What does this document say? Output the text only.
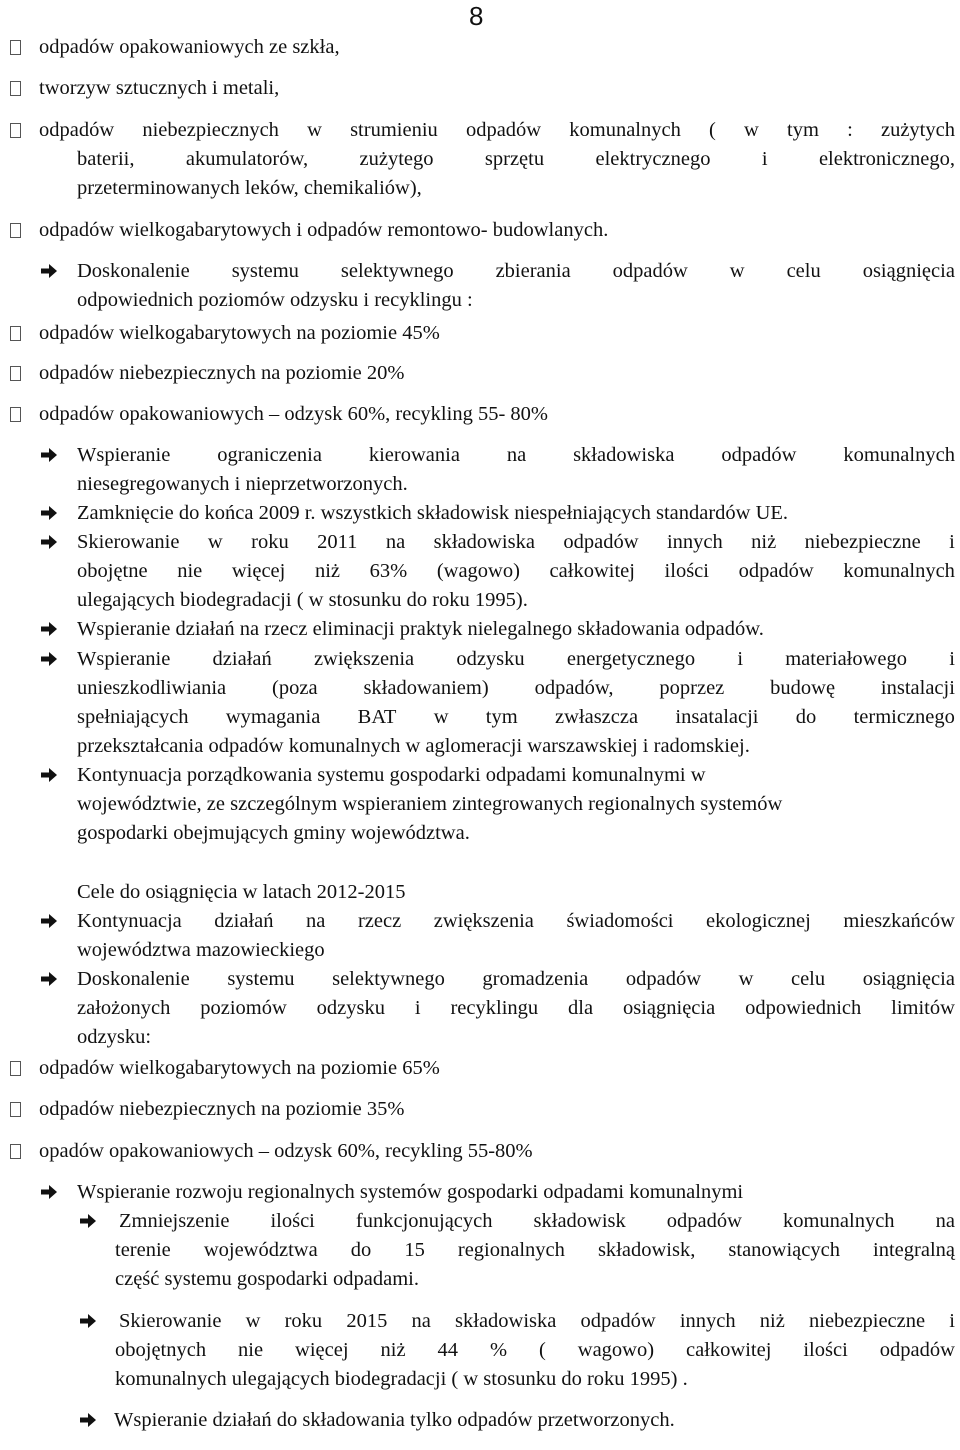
8
odpadów opakowaniowych ze szkła,
tworzyw sztucznych i metali,
odpadów niebezpiecznych w strumieniu odpadów komunalnych ( w tym : zużytych
baterii,	akumulatorów,	zużytego	sprzętu	elektrycznego	i	elektronicznego,
przeterminowanych leków, chemikaliów),
odpadów wielkogabarytowych i odpadów remontowo- budowlanych.
Doskonalenie systemu selektywnego zbierania odpadów w celu osiągnięcia
odpowiednich poziomów odzysku i recyklingu :
odpadów wielkogabarytowych na poziomie 45%
odpadów niebezpiecznych na poziomie 20%
odpadów opakowaniowych – odzysk 60%, recykling 55- 80%
Wspieranie ograniczenia kierowania na składowiska odpadów komunalnych
niesegregowanych i nieprzetworzonych.
Zamknięcie do końca 2009 r. wszystkich składowisk niespełniających standardów UE.
Skierowanie w roku 2011 na składowiska odpadów innych niż niebezpieczne i
obojętne nie więcej niż 63% (wagowo) całkowitej ilości odpadów komunalnych
ulegających biodegradacji ( w stosunku do roku 1995).
Wspieranie działań na rzecz eliminacji praktyk nielegalnego składowania odpadów.
Wspieranie działań zwiększenia odzysku energetycznego i materiałowego i
unieszkodliwiania (poza składowaniem) odpadów, poprzez budowę instalacji
spełniających wymagania BAT w tym zwłaszcza insatalacji do termicznego
przekształcania odpadów komunalnych w aglomeracji warszawskiej i radomskiej.
Kontynuacja porządkowania systemu gospodarki odpadami komunalnymi w
województwie, ze szczególnym wspieraniem zintegrowanych regionalnych systemów
gospodarki obejmujących gminy województwa.
Cele do osiągnięcia w latach 2012-2015
Kontynuacja działań na rzecz zwiększenia świadomości ekologicznej mieszkańców
województwa mazowieckiego
Doskonalenie systemu selektywnego gromadzenia odpadów w celu osiągnięcia
założonych poziomów odzysku i recyklingu dla osiągnięcia odpowiednich limitów
odzysku:
odpadów wielkogabarytowych na poziomie 65%
odpadów niebezpiecznych na poziomie 35%
opadów opakowaniowych – odzysk 60%, recykling 55-80%
Wspieranie rozwoju regionalnych systemów gospodarki odpadami komunalnymi
Zmniejszenie ilości funkcjonujących składowisk odpadów komunalnych na
terenie województwa do 15 regionalnych składowisk, stanowiących integralną
część systemu gospodarki odpadami.
Skierowanie w roku 2015 na składowiska odpadów innych niż niebezpieczne i
obojętnych nie więcej niż 44 % ( wagowo) całkowitej ilości odpadów
komunalnych ulegających biodegradacji ( w stosunku do roku 1995) .
Wspieranie działań do składowania tylko odpadów przetworzonych.
